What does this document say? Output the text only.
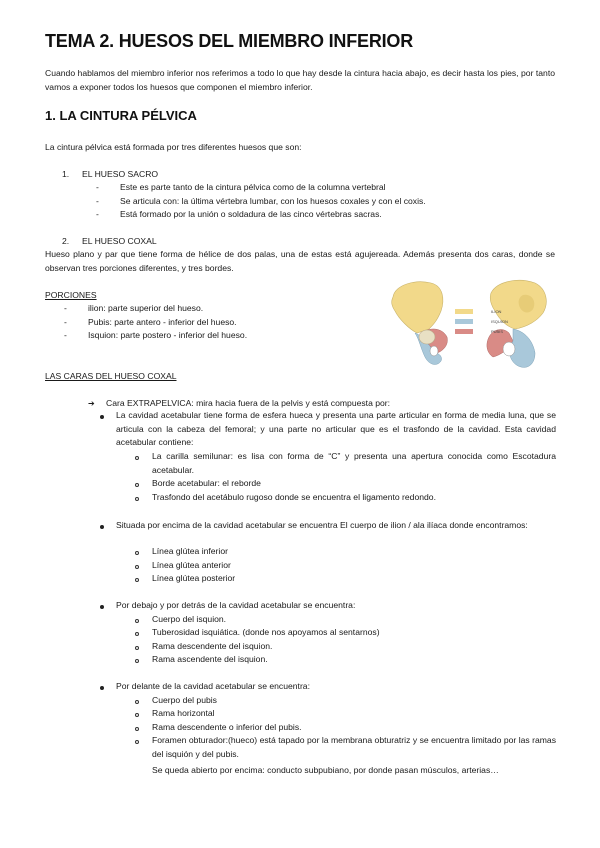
TEMA 2. HUESOS DEL MIEMBRO INFERIOR
Cuando hablamos del miembro inferior nos referimos a todo lo que hay desde la cintura hacia abajo, es decir hasta los pies, por tanto vamos a exponer todos los huesos que componen el miembro inferior.
1. LA CINTURA PÉLVICA
La cintura pélvica está formada por tres diferentes huesos que son:
1. EL HUESO SACRO
- Este es parte tanto de la cintura pélvica como de la columna vertebral
- Se articula con: la última vértebra lumbar, con los huesos coxales y con el coxis.
- Está formado por la unión o soldadura de las cinco vértebras sacras.
2. EL HUESO COXAL
Hueso plano y par que tiene forma de hélice de dos palas, una de estas está agujereada. Además presenta dos caras, donde se observan tres porciones diferentes, y tres bordes.
PORCIONES
- ilion: parte superior del hueso.
- Pubis: parte antero - inferior del hueso.
- Isquion: parte postero - inferior del hueso.
ILION
ISQUION
PUBIS
LAS CARAS DEL HUESO COXAL
➔ Cara EXTRAPELVICA: mira hacia fuera de la pelvis y está compuesta por:
La cavidad acetabular tiene forma de esfera hueca y presenta una parte articular en forma de media luna, que se articula con la cabeza del femoral; y una parte no articular que es el trasfondo de la cavidad. Esta cavidad acetabular contiene:
La carilla semilunar: es lisa con forma de “C” y presenta una apertura conocida como Escotadura acetabular.
Borde acetabular: el reborde
Trasfondo del acetábulo rugoso donde se encuentra el ligamento redondo.
Situada por encima de la cavidad acetabular se encuentra El cuerpo de ilion / ala ilíaca donde encontramos:
Línea glútea inferior
Línea glútea anterior
Línea glútea posterior
Por debajo y por detrás de la cavidad acetabular se encuentra:
Cuerpo del isquion.
Tuberosidad isquiática. (donde nos apoyamos al sentarnos)
Rama descendente del isquion.
Rama ascendente del isquion.
Por delante de la cavidad acetabular se encuentra:
Cuerpo del pubis
Rama horizontal
Rama descendente o inferior del pubis.
Foramen obturador:(hueco) está tapado por la membrana obturatriz y se encuentra limitado por las ramas del isquión y del pubis.
Se queda abierto por encima: conducto subpubiano, por donde pasan músculos, arterias…
